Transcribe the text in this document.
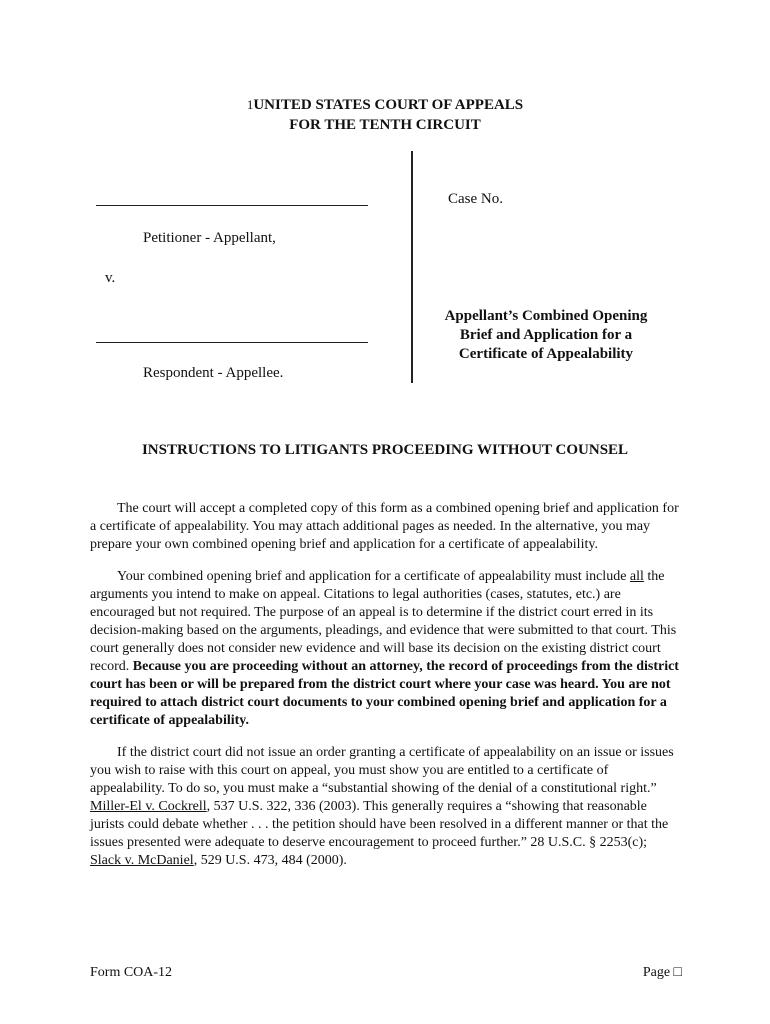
1UNITED STATES COURT OF APPEALS
FOR THE TENTH CIRCUIT
Petitioner - Appellant,
v.
Respondent - Appellee.
Case No.
Appellant’s Combined Opening
Brief and Application for a
Certificate of Appealability
INSTRUCTIONS TO LITIGANTS PROCEEDING WITHOUT COUNSEL

The court will accept a completed copy of this form as a combined opening brief and application for a certificate of appealability. You may attach additional pages as needed. In the alternative, you may prepare your own combined opening brief and application for a certificate of appealability.

Your combined opening brief and application for a certificate of appealability must include all the arguments you intend to make on appeal. Citations to legal authorities (cases, statutes, etc.) are encouraged but not required. The purpose of an appeal is to determine if the district court erred in its decision-making based on the arguments, pleadings, and evidence that were submitted to that court. This court generally does not consider new evidence and will base its decision on the existing district court record. Because you are proceeding without an attorney, the record of proceedings from the district court has been or will be prepared from the district court where your case was heard. You are not required to attach district court documents to your combined opening brief and application for a certificate of appealability.

If the district court did not issue an order granting a certificate of appealability on an issue or issues you wish to raise with this court on appeal, you must show you are entitled to a certificate of appealability. To do so, you must make a “substantial showing of the denial of a constitutional right.” Miller-El v. Cockrell, 537 U.S. 322, 336 (2003). This generally requires a “showing that reasonable jurists could debate whether . . . the petition should have been resolved in a different manner or that the issues presented were adequate to deserve encouragement to proceed further.” 28 U.S.C. § 2253(c); Slack v. McDaniel, 529 U.S. 473, 484 (2000).

Form COA-12	Page □
